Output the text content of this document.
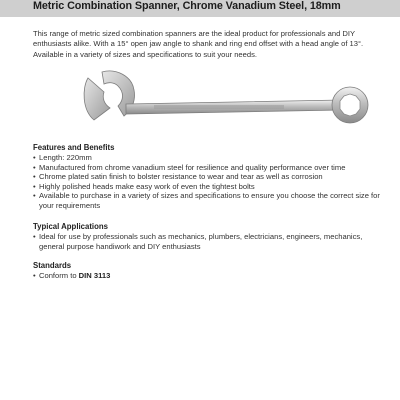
Metric Combination Spanner, Chrome Vanadium Steel, 18mm

This range of metric sized combination spanners are the ideal product for professionals and DIY enthusiasts alike. With a 15° open jaw angle to shank and ring end offset with a head angle of 13°. Available in a variety of sizes and specifications to suit your needs.

Features and Benefits
• Length: 220mm
• Manufactured from chrome vanadium steel for resilience and quality performance over time
• Chrome plated satin finish to bolster resistance to wear and tear as well as corrosion
• Highly polished heads make easy work of even the tightest bolts
• Available to purchase in a variety of sizes and specifications to ensure you choose the correct size for your requirements
Typical Applications
• Ideal for use by professionals such as mechanics, plumbers, electricians, engineers, mechanics, general purpose handiwork and DIY enthusiasts
Standards
• Conform to DIN 3113
